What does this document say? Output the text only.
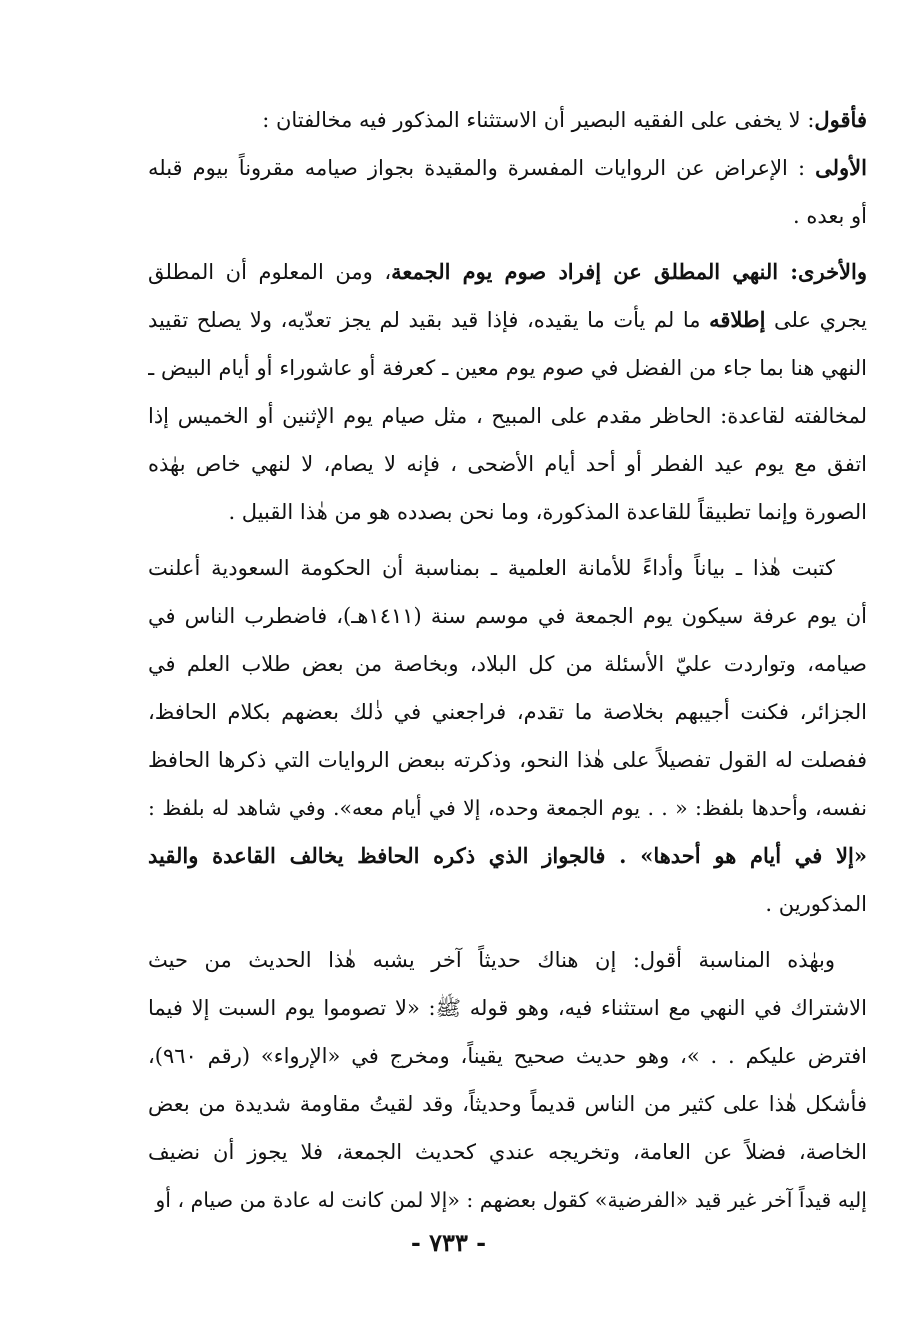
فأقول: لا يخفى على الفقيه البصير أن الاستثناء المذكور فيه مخالفتان :
الأولى : الإعراض عن الروايات المفسرة والمقيدة بجواز صيامه مقروناً بيوم قبله
أو بعده .
والأخرى: النهي المطلق عن إفراد صوم يوم الجمعة، ومن المعلوم أن المطلق
يجري على إطلاقه ما لم يأت ما يقيده، فإذا قيد بقيد لم يجز تعدّيه، ولا يصلح تقييد
النهي هنا بما جاء من الفضل في صوم يوم معين ـ كعرفة أو عاشوراء أو أيام البيض ـ
لمخالفته لقاعدة: الحاظر مقدم على المبيح ، مثل صيام يوم الإثنين أو الخميس إذا
اتفق مع يوم عيد الفطر أو أحد أيام الأضحى ، فإنه لا يصام، لا لنهي خاص بهٰذه
الصورة وإنما تطبيقاً للقاعدة المذكورة، وما نحن بصدده هو من هٰذا القبيل .
كتبت هٰذا ـ بياناً وأداءً للأمانة العلمية ـ بمناسبة أن الحكومة السعودية أعلنت
أن يوم عرفة سيكون يوم الجمعة في موسم سنة (١٤١١هـ)، فاضطرب الناس في
صيامه، وتواردت عليّ الأسئلة من كل البلاد، وبخاصة من بعض طلاب العلم في
الجزائر، فكنت أجيبهم بخلاصة ما تقدم، فراجعني في ذٰلك بعضهم بكلام الحافظ،
ففصلت له القول تفصيلاً على هٰذا النحو، وذكرته ببعض الروايات التي ذكرها الحافظ
نفسه، وأحدها بلفظ: « . . يوم الجمعة وحده، إلا في أيام معه». وفي شاهد له بلفظ :
«إلا في أيام هو أحدها» . فالجواز الذي ذكره الحافظ يخالف القاعدة والقيد
المذكورين .
وبهٰذه المناسبة أقول: إن هناك حديثاً آخر يشبه هٰذا الحديث من حيث
الاشتراك في النهي مع استثناء فيه، وهو قوله ﷺ: «لا تصوموا يوم السبت إلا فيما
افترض عليكم . . »، وهو حديث صحيح يقيناً، ومخرج في «الإرواء» (رقم ٩٦٠)،
فأشكل هٰذا على كثير من الناس قديماً وحديثاً، وقد لقيتُ مقاومة شديدة من بعض
الخاصة، فضلاً عن العامة، وتخريجه عندي كحديث الجمعة، فلا يجوز أن نضيف
إليه قيداً آخر غير قيد «الفرضية» كقول بعضهم : «إلا لمن كانت له عادة من صيام ، أو
- ٧٣٣ -
